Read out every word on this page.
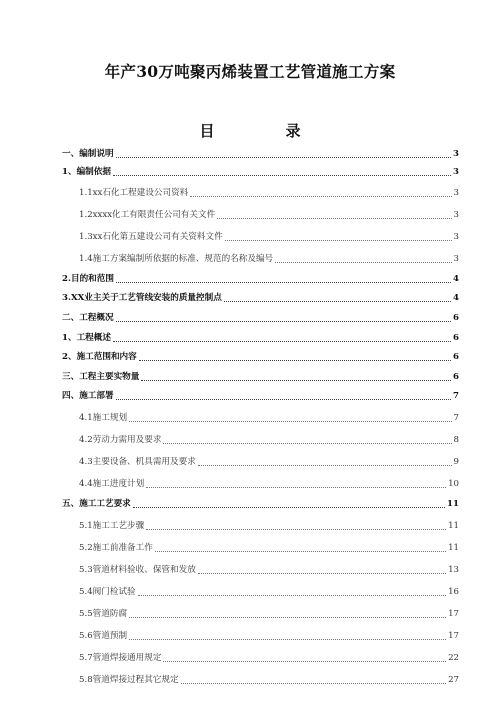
年产30万吨聚丙烯装置工艺管道施工方案
目　录
一、编制说明	3
1、编制依据	3
1.1xx石化工程建设公司资料	3
1.2xxxx化工有限责任公司有关文件	3
1.3xx石化第五建设公司有关资料文件	3
1.4施工方案编制所依据的标准、规范的名称及编号	3
2.目的和范围	4
3.XX业主关于工艺管线安装的质量控制点	4
二、工程概况	6
1、工程概述	6
2、施工范围和内容	6
三、工程主要实物量	6
四、施工部署	7
4.1施工规划	7
4.2劳动力需用及要求	8
4.3主要设备、机具需用及要求	9
4.4施工进度计划	10
五、施工工艺要求	11
5.1施工工艺步骤	11
5.2施工前准备工作	11
5.3管道材料验收、保管和发放	13
5.4阀门检试验	16
5.5管道防腐	17
5.6管道预制	17
5.7管道焊接通用规定	22
5.8管道焊接过程其它规定	27
